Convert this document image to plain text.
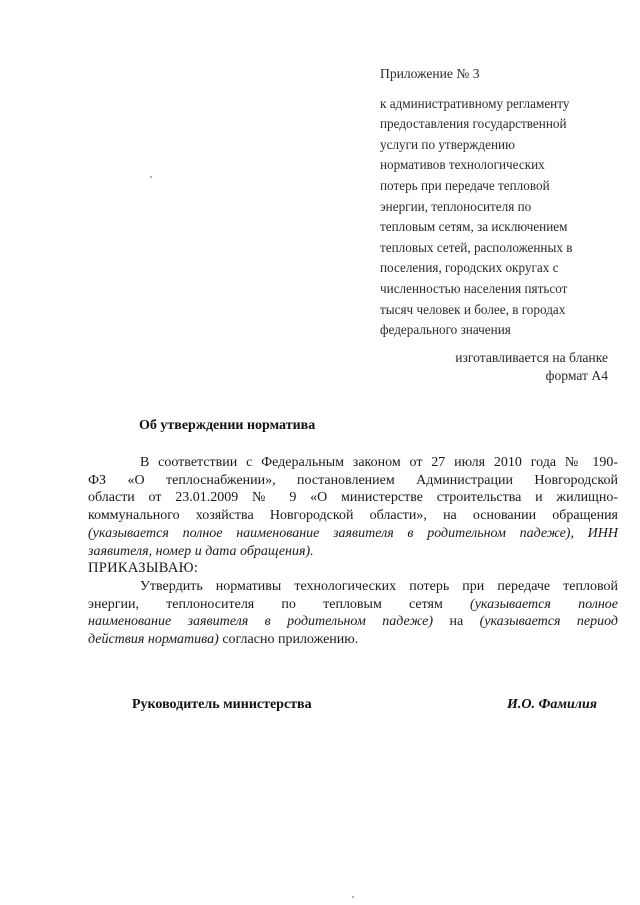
Приложение № 3
к административному регламенту
предоставления государственной
услуги по утверждению
нормативов технологических
потерь при передаче тепловой
энергии, теплоносителя по
тепловым сетям, за исключением
тепловых сетей, расположенных в
поселения, городских округах с
численностью населения пятьсот
тысяч человек и более, в городах
федерального значения
изготавливается на бланке
формат А4
Об утверждении норматива

В соответствии с Федеральным законом от 27 июля 2010 года № 190-

ФЗ «О теплоснабжении», постановлением Администрации Новгородской

области от 23.01.2009 № 9 «О министерстве строительства и жилищно-

коммунального хозяйства Новгородской области», на основании обращения

(указывается полное наименование заявителя в родительном падеже), ИНН

заявителя, номер и дата обращения).

ПРИКАЗЫВАЮ:

Утвердить нормативы технологических потерь при передаче тепловой

энергии, теплоносителя по тепловым сетям (указывается полное

наименование заявителя в родительном падеже) на (указывается период

действия норматива) согласно приложению.

Руководитель министерства	И.О. Фамилия
